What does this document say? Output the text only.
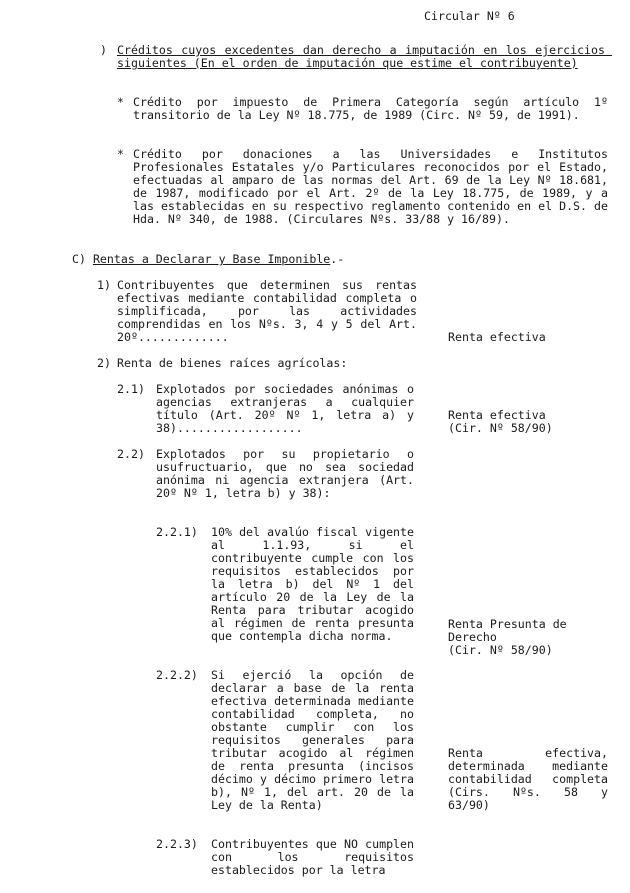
Circular Nº 6
) Créditos cuyos excedentes dan derecho a imputación en los ejercicios siguientes (En el orden de imputación que estime el contribuyente)
* Crédito por impuesto de Primera Categoría según artículo 1º transitorio de la Ley Nº 18.775, de 1989 (Circ. Nº 59, de 1991).
* Crédito por donaciones a las Universidades e Institutos Profesionales Estatales y/o Particulares reconocidos por el Estado, efectuadas al amparo de las normas del Art. 69 de la Ley Nº 18.681, de 1987, modificado por el Art. 2º de la Ley 18.775, de 1989, y a las establecidas en su respectivo reglamento contenido en el D.S. de Hda. Nº 340, de 1988. (Circulares Nºs. 33/88 y 16/89).
C) Rentas a Declarar y Base Imponible.-
1) Contribuyentes que determinen sus rentas efectivas mediante contabilidad completa o simplificada, por las actividades comprendidas en los Nºs. 3, 4 y 5 del Art. 20º.............	Renta efectiva
2) Renta de bienes raíces agrícolas:
2.1) Explotados por sociedades anónimas o agencias extranjeras a cualquier título (Art. 20º Nº 1, letra a) y 38)..................
Renta efectiva
(Cir. Nº 58/90)
2.2) Explotados por su propietario o usufructuario, que no sea sociedad anónima ni agencia extranjera (Art. 20º Nº 1, letra b) y 38):
2.2.1) 10% del avalúo fiscal vigente al 1.1.93, si el contribuyente cumple con los requisitos establecidos por la letra b) del Nº 1 del artículo 20 de la Ley de la Renta para tributar acogido al régimen de renta presunta que contempla dicha norma.
Renta Presunta de
Derecho
(Cir. Nº 58/90)
2.2.2) Si ejerció la opción de declarar a base de la renta efectiva determinada mediante contabilidad completa, no obstante cumplir con los requisitos generales para tributar acogido al régimen de renta presunta (incisos décimo y décimo primero letra b), Nº 1, del art. 20 de la Ley de la Renta)
Renta efectiva, determinada mediante contabilidad completa (Cirs. Nºs. 58 y 63/90)
2.2.3) Contribuyentes que NO cumplen con los requisitos establecidos por la letra
